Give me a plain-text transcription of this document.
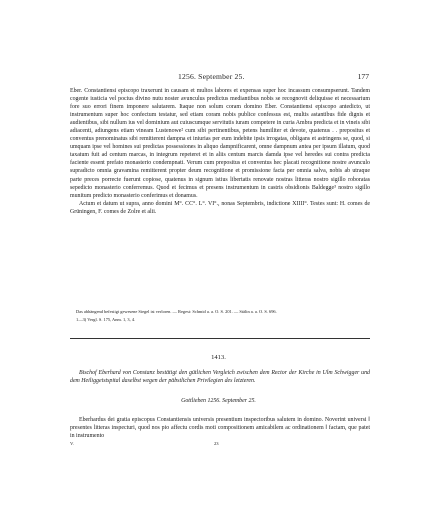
1256. September 25.	177

Eber. Constantiensi episcopo traxerunt in causam et multos labores et expensas super hoc incassum consumpserunt. Tandem cogente iusticia vel pocius divino nutu noster avunculus predictus mediantibus nobis se recognovit deliquisse et necessarium fore suo errori finem imponere salutarem. Itaque non solum coram domino Eber. Constantiensi episcopo antedicto, ut instrumentum super hoc confectum testatur, sed etiam coram nobis publice confessus est, multis astantibus fide dignis et audientibus, sibi nullum ius vel dominium aut cuiuscumque servitutis iuram competere in curia Ambra predicta et in vineis sibi adiacenti, adiungens etiam vineam Lustenowe² cum sibi pertinentibus, petens humiliter et devote, quatenus . . prepositus et conventus prenominatus sibi remitterent dampna et iniurias per eum indebite ipsis irrogatas, obligans et astringens se, quod, si umquam ipse vel homines sui predictas possessiones in aliquo dampnificarent, omne dampnum antea per ipsum illatum, quod taxatum fuit ad centum marcas, in integrum repeteret et in aliis centum marcis damda ipse vel heredes sui contra predicta faciente essent prefato monasterio condempnati. Verum cum prepositus et conventus hec placati recognitione nostre avunculo supradicto omnia gravamina remitterent propter deum recognitione et promissione facta per omnia salva, nobis ab utraque parte preces porrecte fuerunt copiose, quatenus in signum istius libertatis renovate nostras litteras nostro sigillo roboratas sepedicto monasterio conferremus. Quod et fecimus et presens instrumentum in castris obsidionis Baldegge³ nostro sigillo munitum predicto monasterio conferimus et donamus.

Actum et datum ut supra, anno domini M°. CC°. L°. VI°., nonas Septembris, indictione XIIII°. Testes sunt: H. comes de Grüningen, F. comes de Zolre et alii.

Das abhängend befestigt gewesene Siegel ist verloren. — Regest: Schmid a. a. O. S. 201. — Stälin a. a. O. S. 696.
1—3) Vergl. S. 175, Anm. 1, 3, 4.
1413.

Bischof Eberhard von Constanz bestätigt den gütlichen Vergleich zwischen dem Rector der Kirche in Ulm Schwigger und dem Heiliggeistspital daselbst wegen der päbstlichen Privilegien des letzteren.

Gottlieben 1256. September 25.

Eberhardus dei gratia episcopus Constantiensis universis presentium inspectoribus salutem in domino. Noverint universi ‖ presentes litteras inspecturi, quod nos pio affectu cordis moti compositionem amicabilem ac ordinationem ‖ factam, que patet in instrumento

V.	23
